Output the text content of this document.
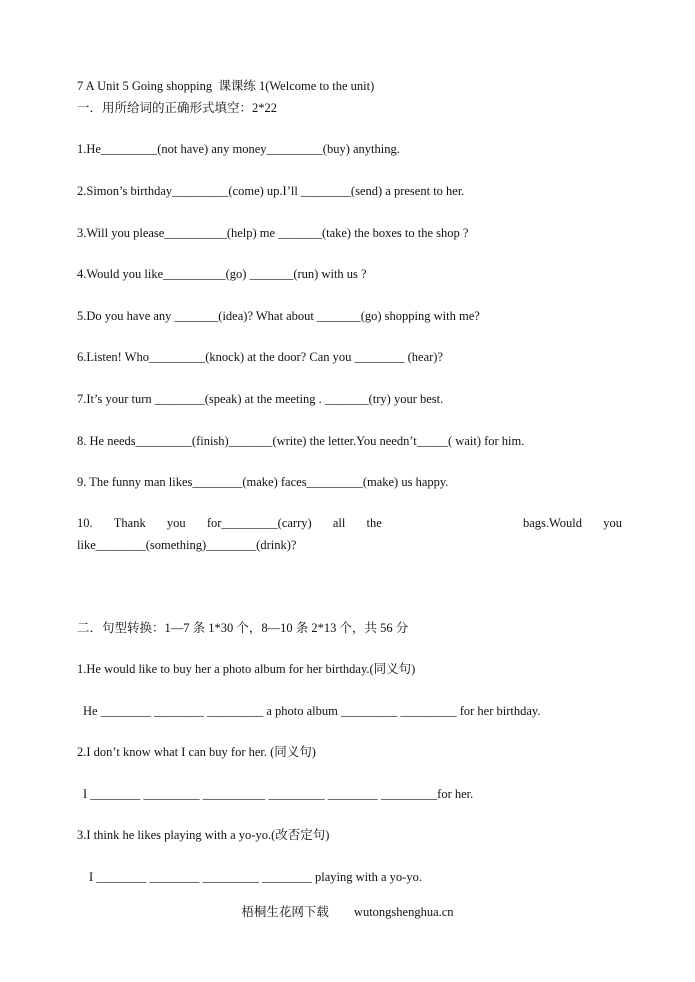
7 A Unit 5 Going shopping  课课练 1(Welcome to the unit)
一．用所给词的正确形式填空：2*22
1.He_________(not have) any money_________(buy) anything.
2.Simon’s birthday_________(come) up.I’ll ________(send) a present to her.
3.Will you please__________(help) me _______(take) the boxes to the shop ?
4.Would you like__________(go) _______(run) with us ?
5.Do you have any _______(idea)? What about _______(go) shopping with me?
6.Listen! Who_________(knock) at the door? Can you ________ (hear)?
7.It’s your turn ________(speak) at the meeting . _______(try) your best.
8. He needs_________(finish)_______(write) the letter.You needn’t_____( wait) for him.
9. The funny man likes________(make) faces_________(make) us happy.
10. Thank you for_________(carry) all the	bags.Would you
like________(something)________(drink)?
二．句型转换：1—7 条 1*30 个，8—10 条 2*13 个，共 56 分
1.He would like to buy her a photo album for her birthday.(同义句)
He ________ ________ _________ a photo album _________ _________ for her birthday.
2.I don’t know what I can buy for her. (同义句)
I ________ _________ __________ _________ ________ _________for her.
3.I think he likes playing with a yo-yo.(改否定句)
I ________ ________ _________ ________ playing with a yo-yo.
梧桐生花网下载        wutongshenghua.cn
